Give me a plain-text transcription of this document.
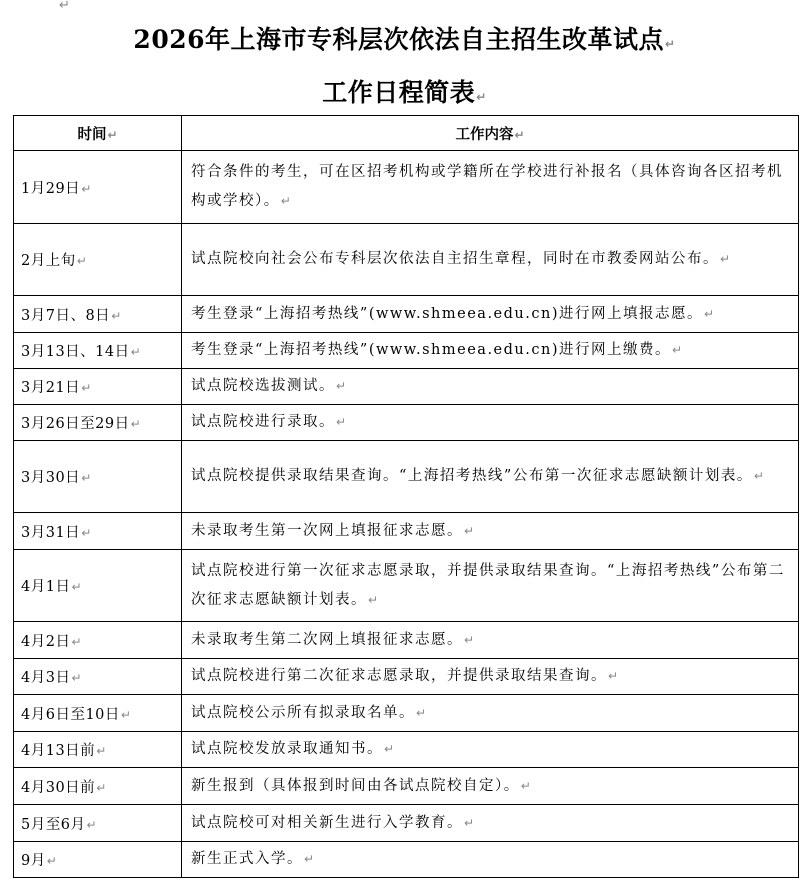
↵
2026年上海市专科层次依法自主招生改革试点↵
工作日程简表↵
时间↵	工作内容↵
1月29日↵	符合条件的考生，可在区招考机构或学籍所在学校进行补报名（具体咨询各区招考机构或学校）。↵
2月上旬↵	试点院校向社会公布专科层次依法自主招生章程，同时在市教委网站公布。↵
3月7日、8日↵	考生登录“上海招考热线”(www.shmeea.edu.cn)进行网上填报志愿。↵
3月13日、14日↵	考生登录“上海招考热线”(www.shmeea.edu.cn)进行网上缴费。↵
3月21日↵	试点院校选拔测试。↵
3月26日至29日↵	试点院校进行录取。↵
3月30日↵	试点院校提供录取结果查询。“上海招考热线”公布第一次征求志愿缺额计划表。↵
3月31日↵	未录取考生第一次网上填报征求志愿。↵
4月1日↵	试点院校进行第一次征求志愿录取，并提供录取结果查询。“上海招考热线”公布第二次征求志愿缺额计划表。↵
4月2日↵	未录取考生第二次网上填报征求志愿。↵
4月3日↵	试点院校进行第二次征求志愿录取，并提供录取结果查询。↵
4月6日至10日↵	试点院校公示所有拟录取名单。↵
4月13日前↵	试点院校发放录取通知书。↵
4月30日前↵	新生报到（具体报到时间由各试点院校自定）。↵
5月至6月↵	试点院校可对相关新生进行入学教育。↵
9月↵	新生正式入学。↵
